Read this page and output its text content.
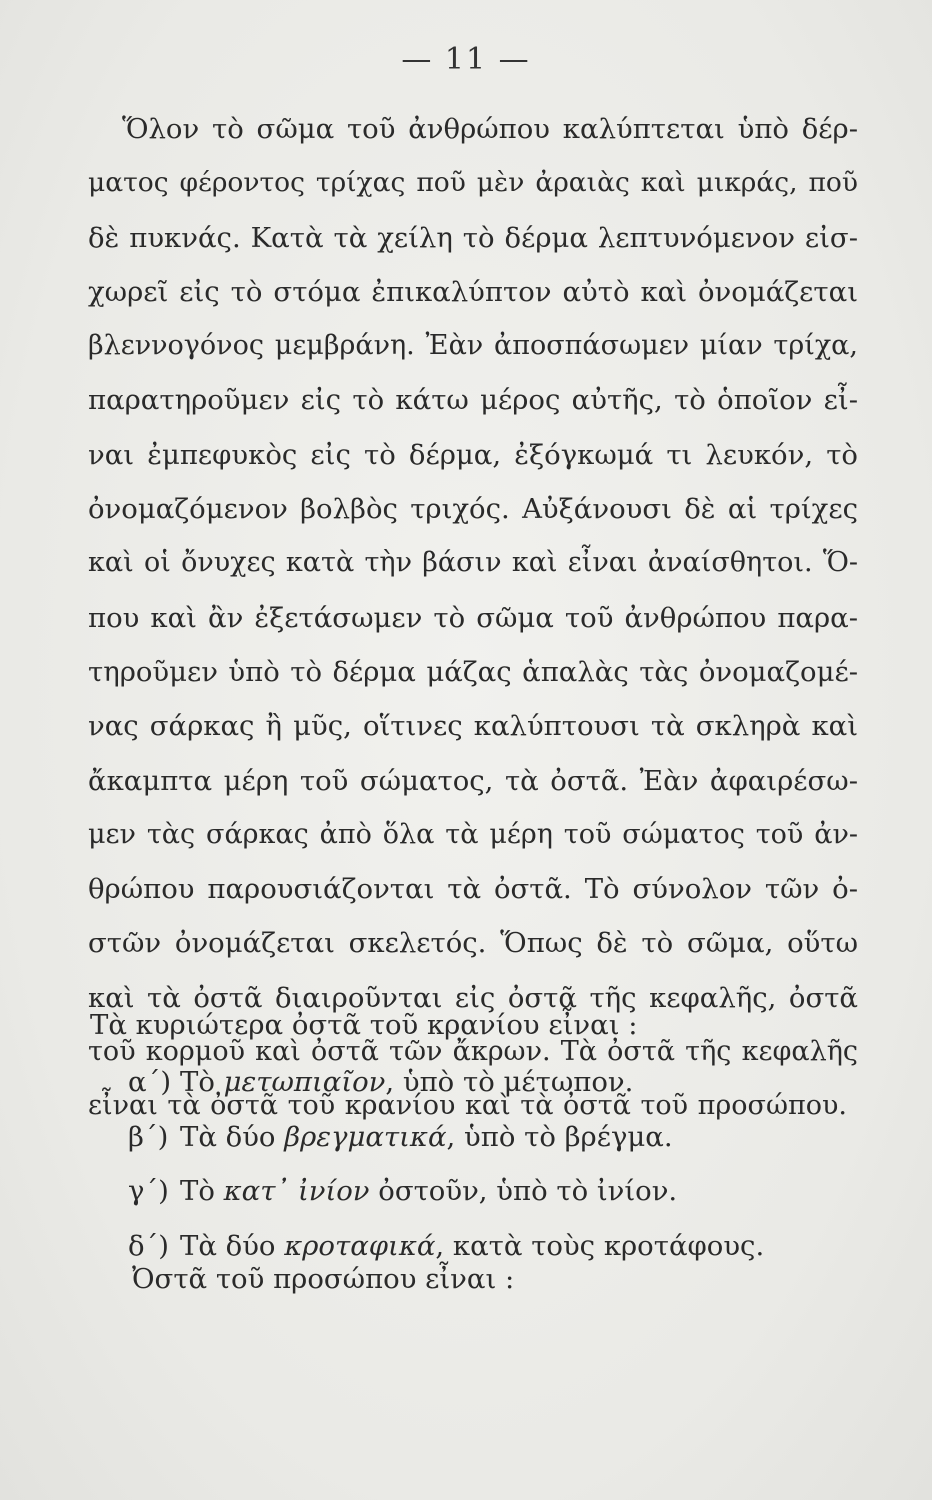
— 11 —
Ὅλον τὸ σῶμα τοῦ ἀνθρώπου καλύπτεται ὑπὸ δέρ-
ματος φέροντος τρίχας ποῦ μὲν ἀραιὰς καὶ μικράς, ποῦ
δὲ πυκνάς. Κατὰ τὰ χείλη τὸ δέρμα λεπτυνόμενον εἰσ-
χωρεῖ εἰς τὸ στόμα ἐπικαλύπτον αὐτὸ καὶ ὀνομάζεται
βλεννογόνος μεμβράνη. Ἐὰν ἀποσπάσωμεν μίαν τρίχα,
παρατηροῦμεν εἰς τὸ κάτω μέρος αὐτῆς, τὸ ὁποῖον εἶ-
ναι ἐμπεφυκὸς εἰς τὸ δέρμα, ἐξόγκωμά τι λευκόν, τὸ
ὀνομαζόμενον βολβὸς τριχός. Αὐξάνουσι δὲ αἱ τρίχες
καὶ οἱ ὄνυχες κατὰ τὴν βάσιν καὶ εἶναι ἀναίσθητοι. Ὅ-
που καὶ ἂν ἐξετάσωμεν τὸ σῶμα τοῦ ἀνθρώπου παρα-
τηροῦμεν ὑπὸ τὸ δέρμα μάζας ἁπαλὰς τὰς ὀνομαζομέ-
νας σάρκας ἢ μῦς, οἵτινες καλύπτουσι τὰ σκληρὰ καὶ
ἄκαμπτα μέρη τοῦ σώματος, τὰ ὀστᾶ. Ἐὰν ἀφαιρέσω-
μεν τὰς σάρκας ἀπὸ ὅλα τὰ μέρη τοῦ σώματος τοῦ ἀν-
θρώπου παρουσιάζονται τὰ ὀστᾶ. Τὸ σύνολον τῶν ὀ-
στῶν ὀνομάζεται σκελετός. Ὅπως δὲ τὸ σῶμα, οὕτω
καὶ τὰ ὀστᾶ διαιροῦνται εἰς ὀστᾶ τῆς κεφαλῆς, ὀστᾶ
τοῦ κορμοῦ καὶ ὀστᾶ τῶν ἄκρων. Τὰ ὀστᾶ τῆς κεφαλῆς
εἶναι τὰ ὀστᾶ τοῦ κρανίου καὶ τὰ ὀστᾶ τοῦ προσώπου.
Τὰ κυριώτερα ὀστᾶ τοῦ κρανίου εἶναι :
α΄) Τὸ μετωπιαῖον, ὑπὸ τὸ μέτωπον.
β΄) Τὰ δύο βρεγματικά, ὑπὸ τὸ βρέγμα.
γ΄) Τὸ κατ᾽ ἰνίον ὀστοῦν, ὑπὸ τὸ ἰνίον.
δ΄) Τὰ δύο κροταφικά, κατὰ τοὺς κροτάφους.
Ὀστᾶ τοῦ προσώπου εἶναι :
